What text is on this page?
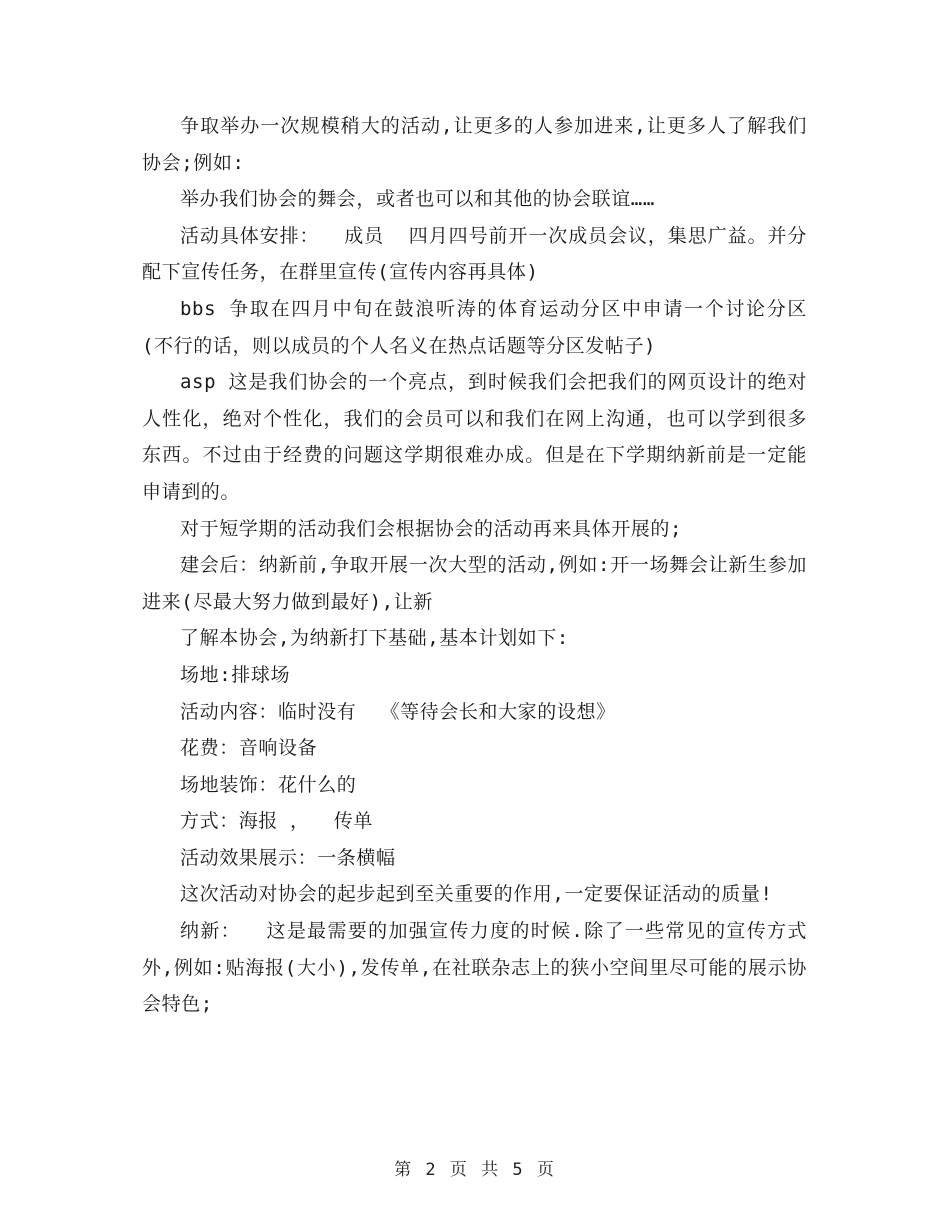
争取举办一次规模稍大的活动,让更多的人参加进来,让更多人了解我们协会;例如:

举办我们协会的舞会，或者也可以和其他的协会联谊……

活动具体安排：  成员  四月四号前开一次成员会议，集思广益。并分配下宣传任务，在群里宣传(宣传内容再具体)

bbs 争取在四月中旬在鼓浪听涛的体育运动分区中申请一个讨论分区(不行的话，则以成员的个人名义在热点话题等分区发帖子)

asp 这是我们协会的一个亮点，到时候我们会把我们的网页设计的绝对人性化，绝对个性化，我们的会员可以和我们在网上沟通，也可以学到很多东西。不过由于经费的问题这学期很难办成。但是在下学期纳新前是一定能申请到的。

对于短学期的活动我们会根据协会的活动再来具体开展的;

建会后：纳新前,争取开展一次大型的活动,例如:开一场舞会让新生参加进来(尽最大努力做到最好),让新

了解本协会,为纳新打下基础,基本计划如下:

场地:排球场

活动内容：临时没有  《等待会长和大家的设想》

花费：音响设备

场地装饰：花什么的

方式：海报 ，  传单

活动效果展示：一条横幅

这次活动对协会的起步起到至关重要的作用,一定要保证活动的质量!

纳新：  这是最需要的加强宣传力度的时候.除了一些常见的宣传方式外,例如:贴海报(大小),发传单,在社联杂志上的狭小空间里尽可能的展示协会特色;

第 2 页 共 5 页
